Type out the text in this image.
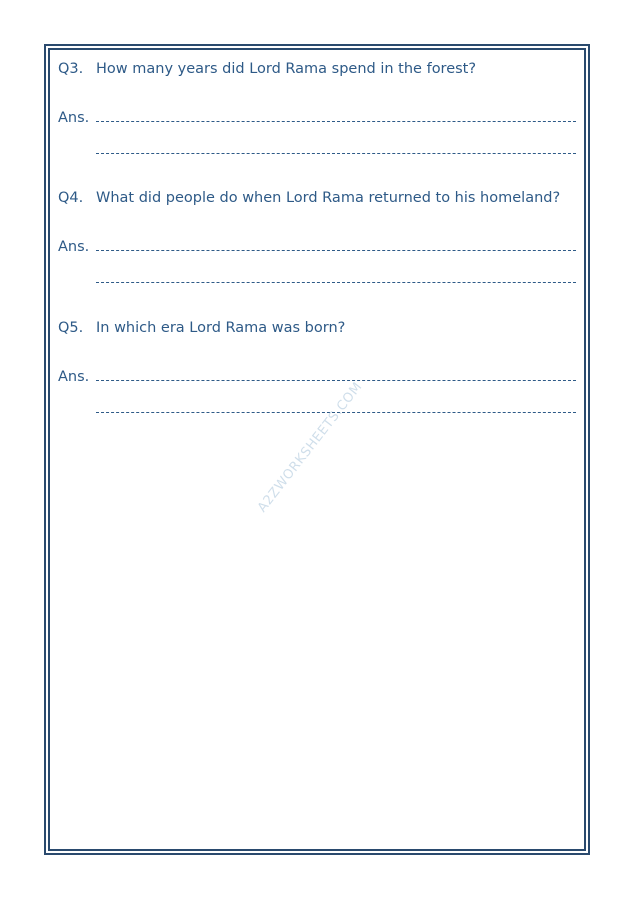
Q3. How many years did Lord Rama spend in the forest?
Ans.
Q4. What did people do when Lord Rama returned to his homeland?
Ans.
Q5. In which era Lord Rama was born?
Ans.
A2ZWORKSHEETS.COM
